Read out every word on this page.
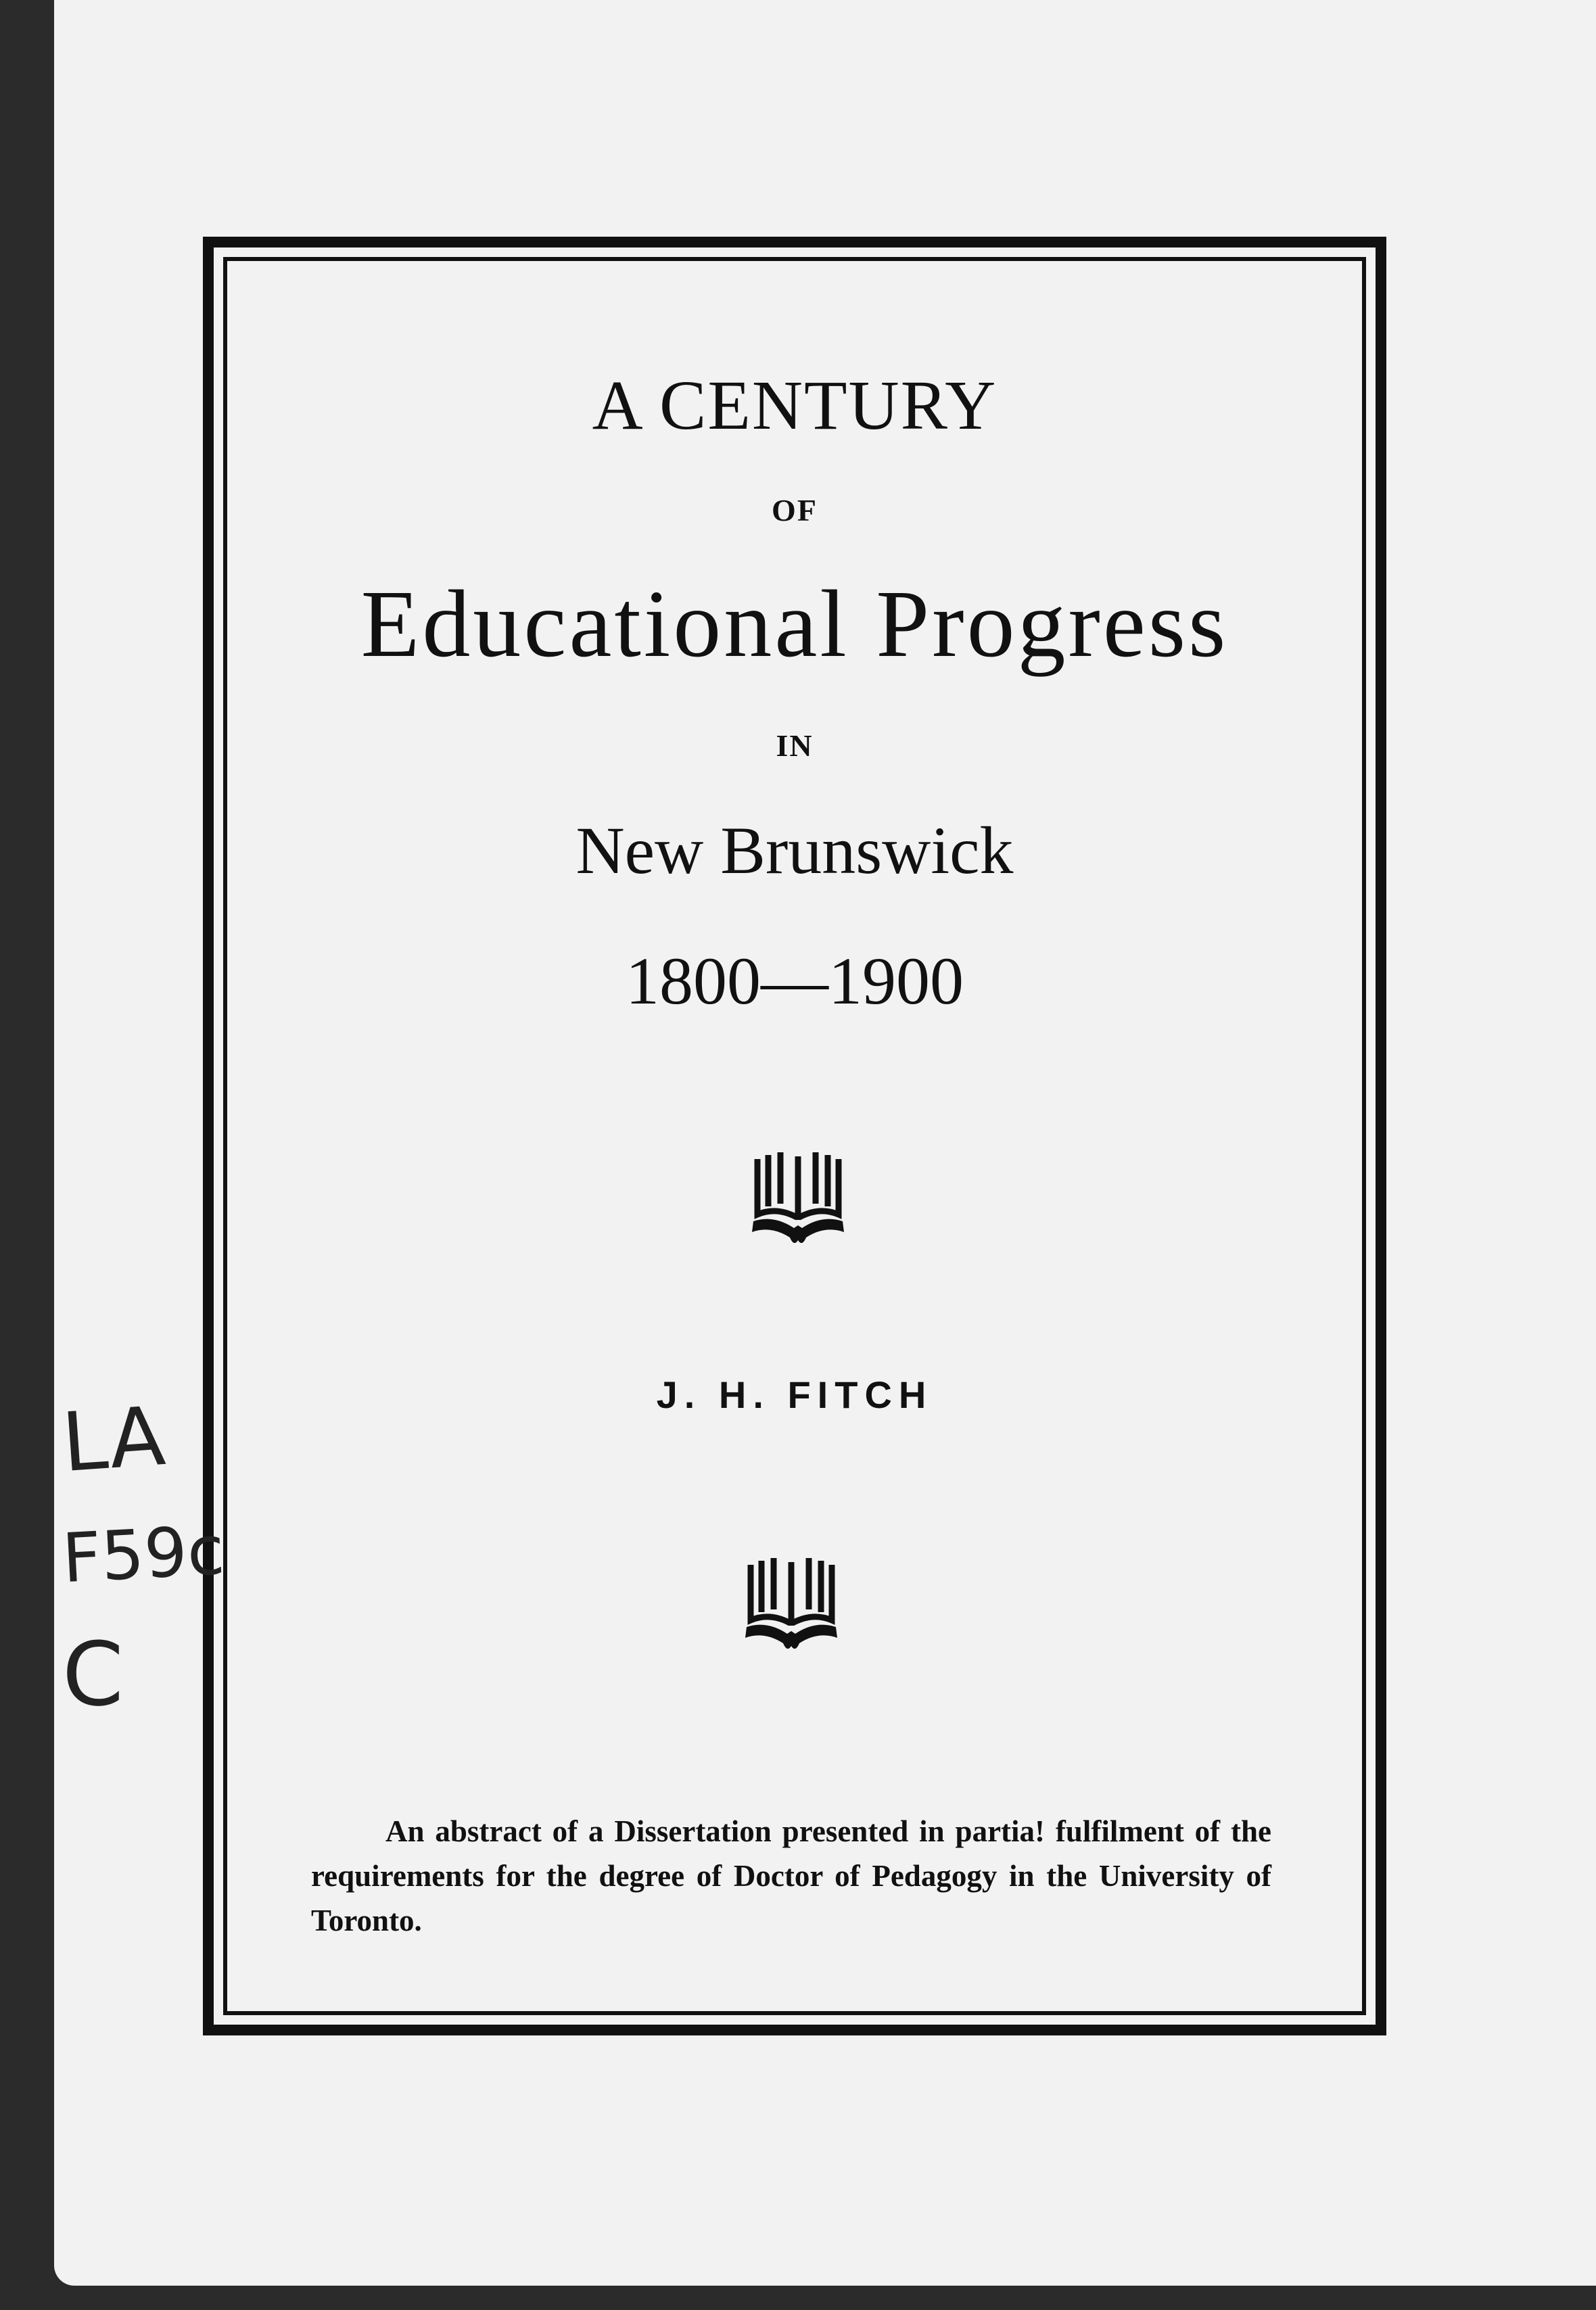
A CENTURY
OF
Educational Progress
IN
New Brunswick
1800—1900
J. H. FITCH

An abstract of a Dissertation presented in partia! fulfilment of the requirements for the degree of Doctor of Pedagogy in the University of Toronto.

LA
F59c
C
